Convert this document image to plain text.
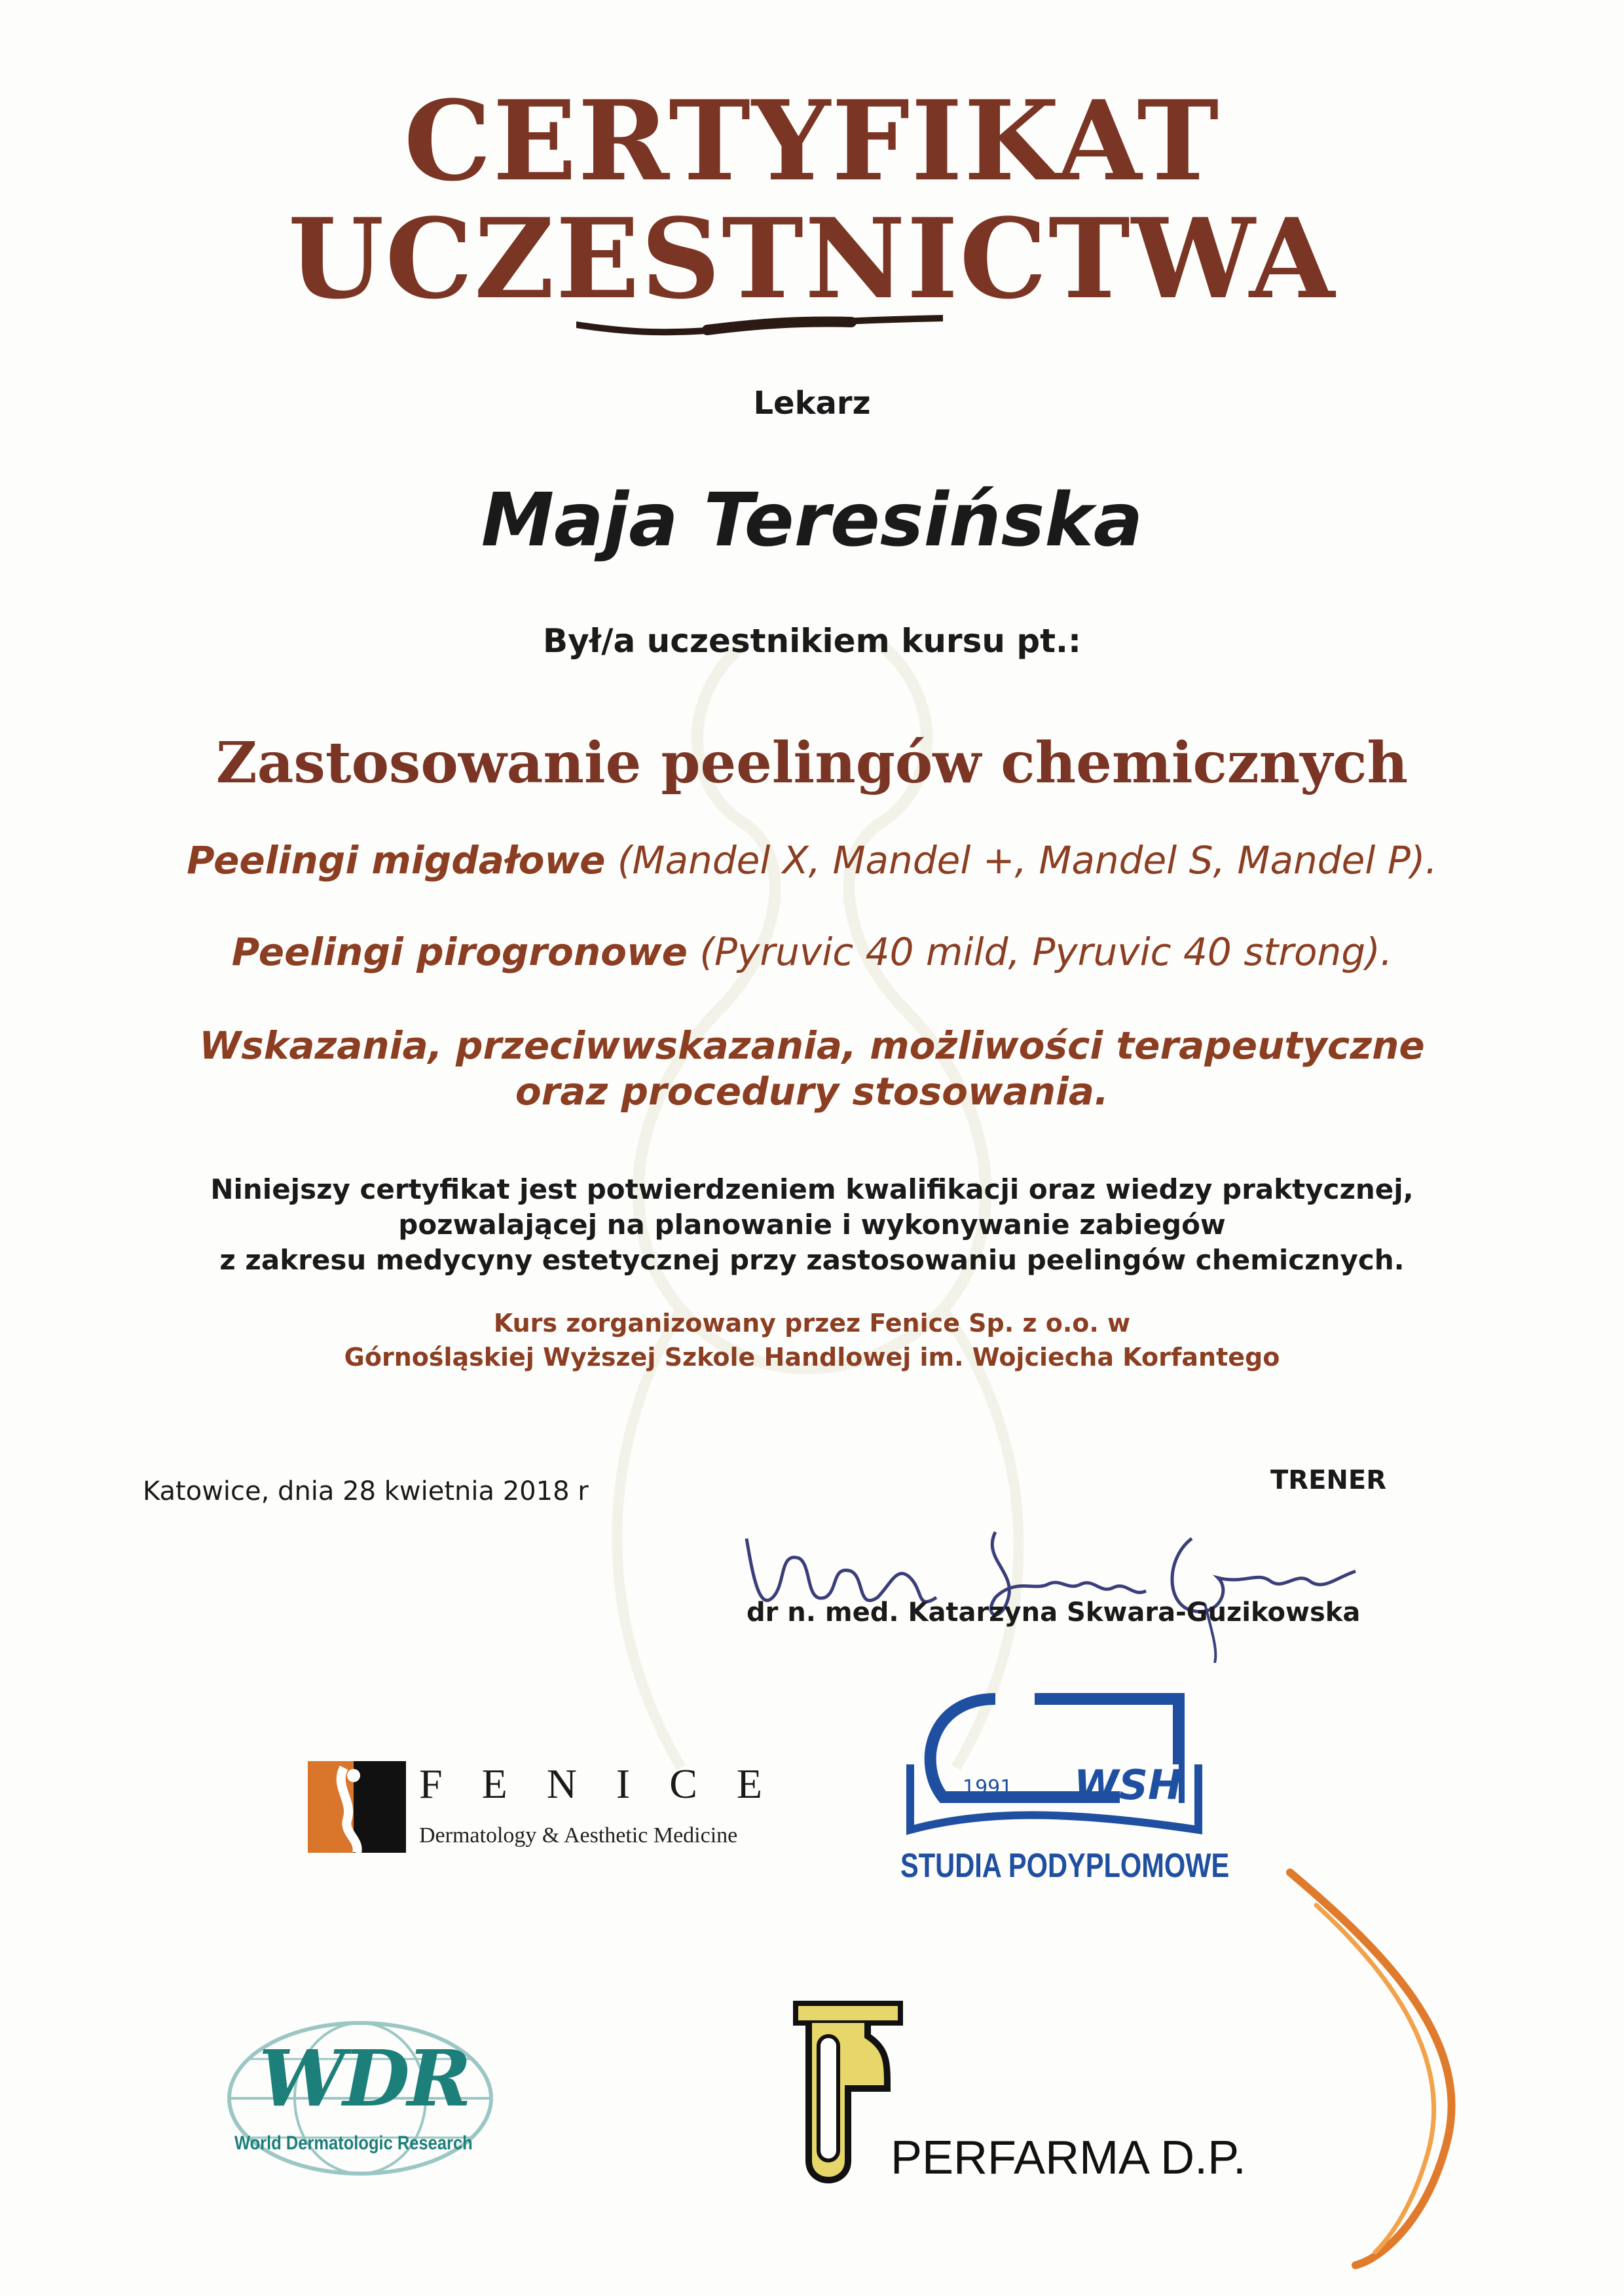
CERTYFIKAT
UCZESTNICTWA
Lekarz
Maja Teresińska
Był/a uczestnikiem kursu pt.:
Zastosowanie peelingów chemicznych
Peelingi migdałowe (Mandel X, Mandel +, Mandel S, Mandel P).
Peelingi pirogronowe (Pyruvic 40 mild, Pyruvic 40 strong).
Wskazania, przeciwwskazania, możliwości terapeutyczne
oraz procedury stosowania.
Niniejszy certyfikat jest potwierdzeniem kwalifikacji oraz wiedzy praktycznej,
pozwalającej na planowanie i wykonywanie zabiegów
z zakresu medycyny estetycznej przy zastosowaniu peelingów chemicznych.
Kurs zorganizowany przez Fenice Sp. z o.o. w
Górnośląskiej Wyższej Szkole Handlowej im. Wojciecha Korfantego
Katowice, dnia 28 kwietnia 2018 r	TRENER
dr n. med. Katarzyna Skwara-Guzikowska
F E N I C E
Dermatology & Aesthetic Medicine
1991 WSH
STUDIA PODYPLOMOWE
WDR
World Dermatologic Research	PERFARMA D.P.
